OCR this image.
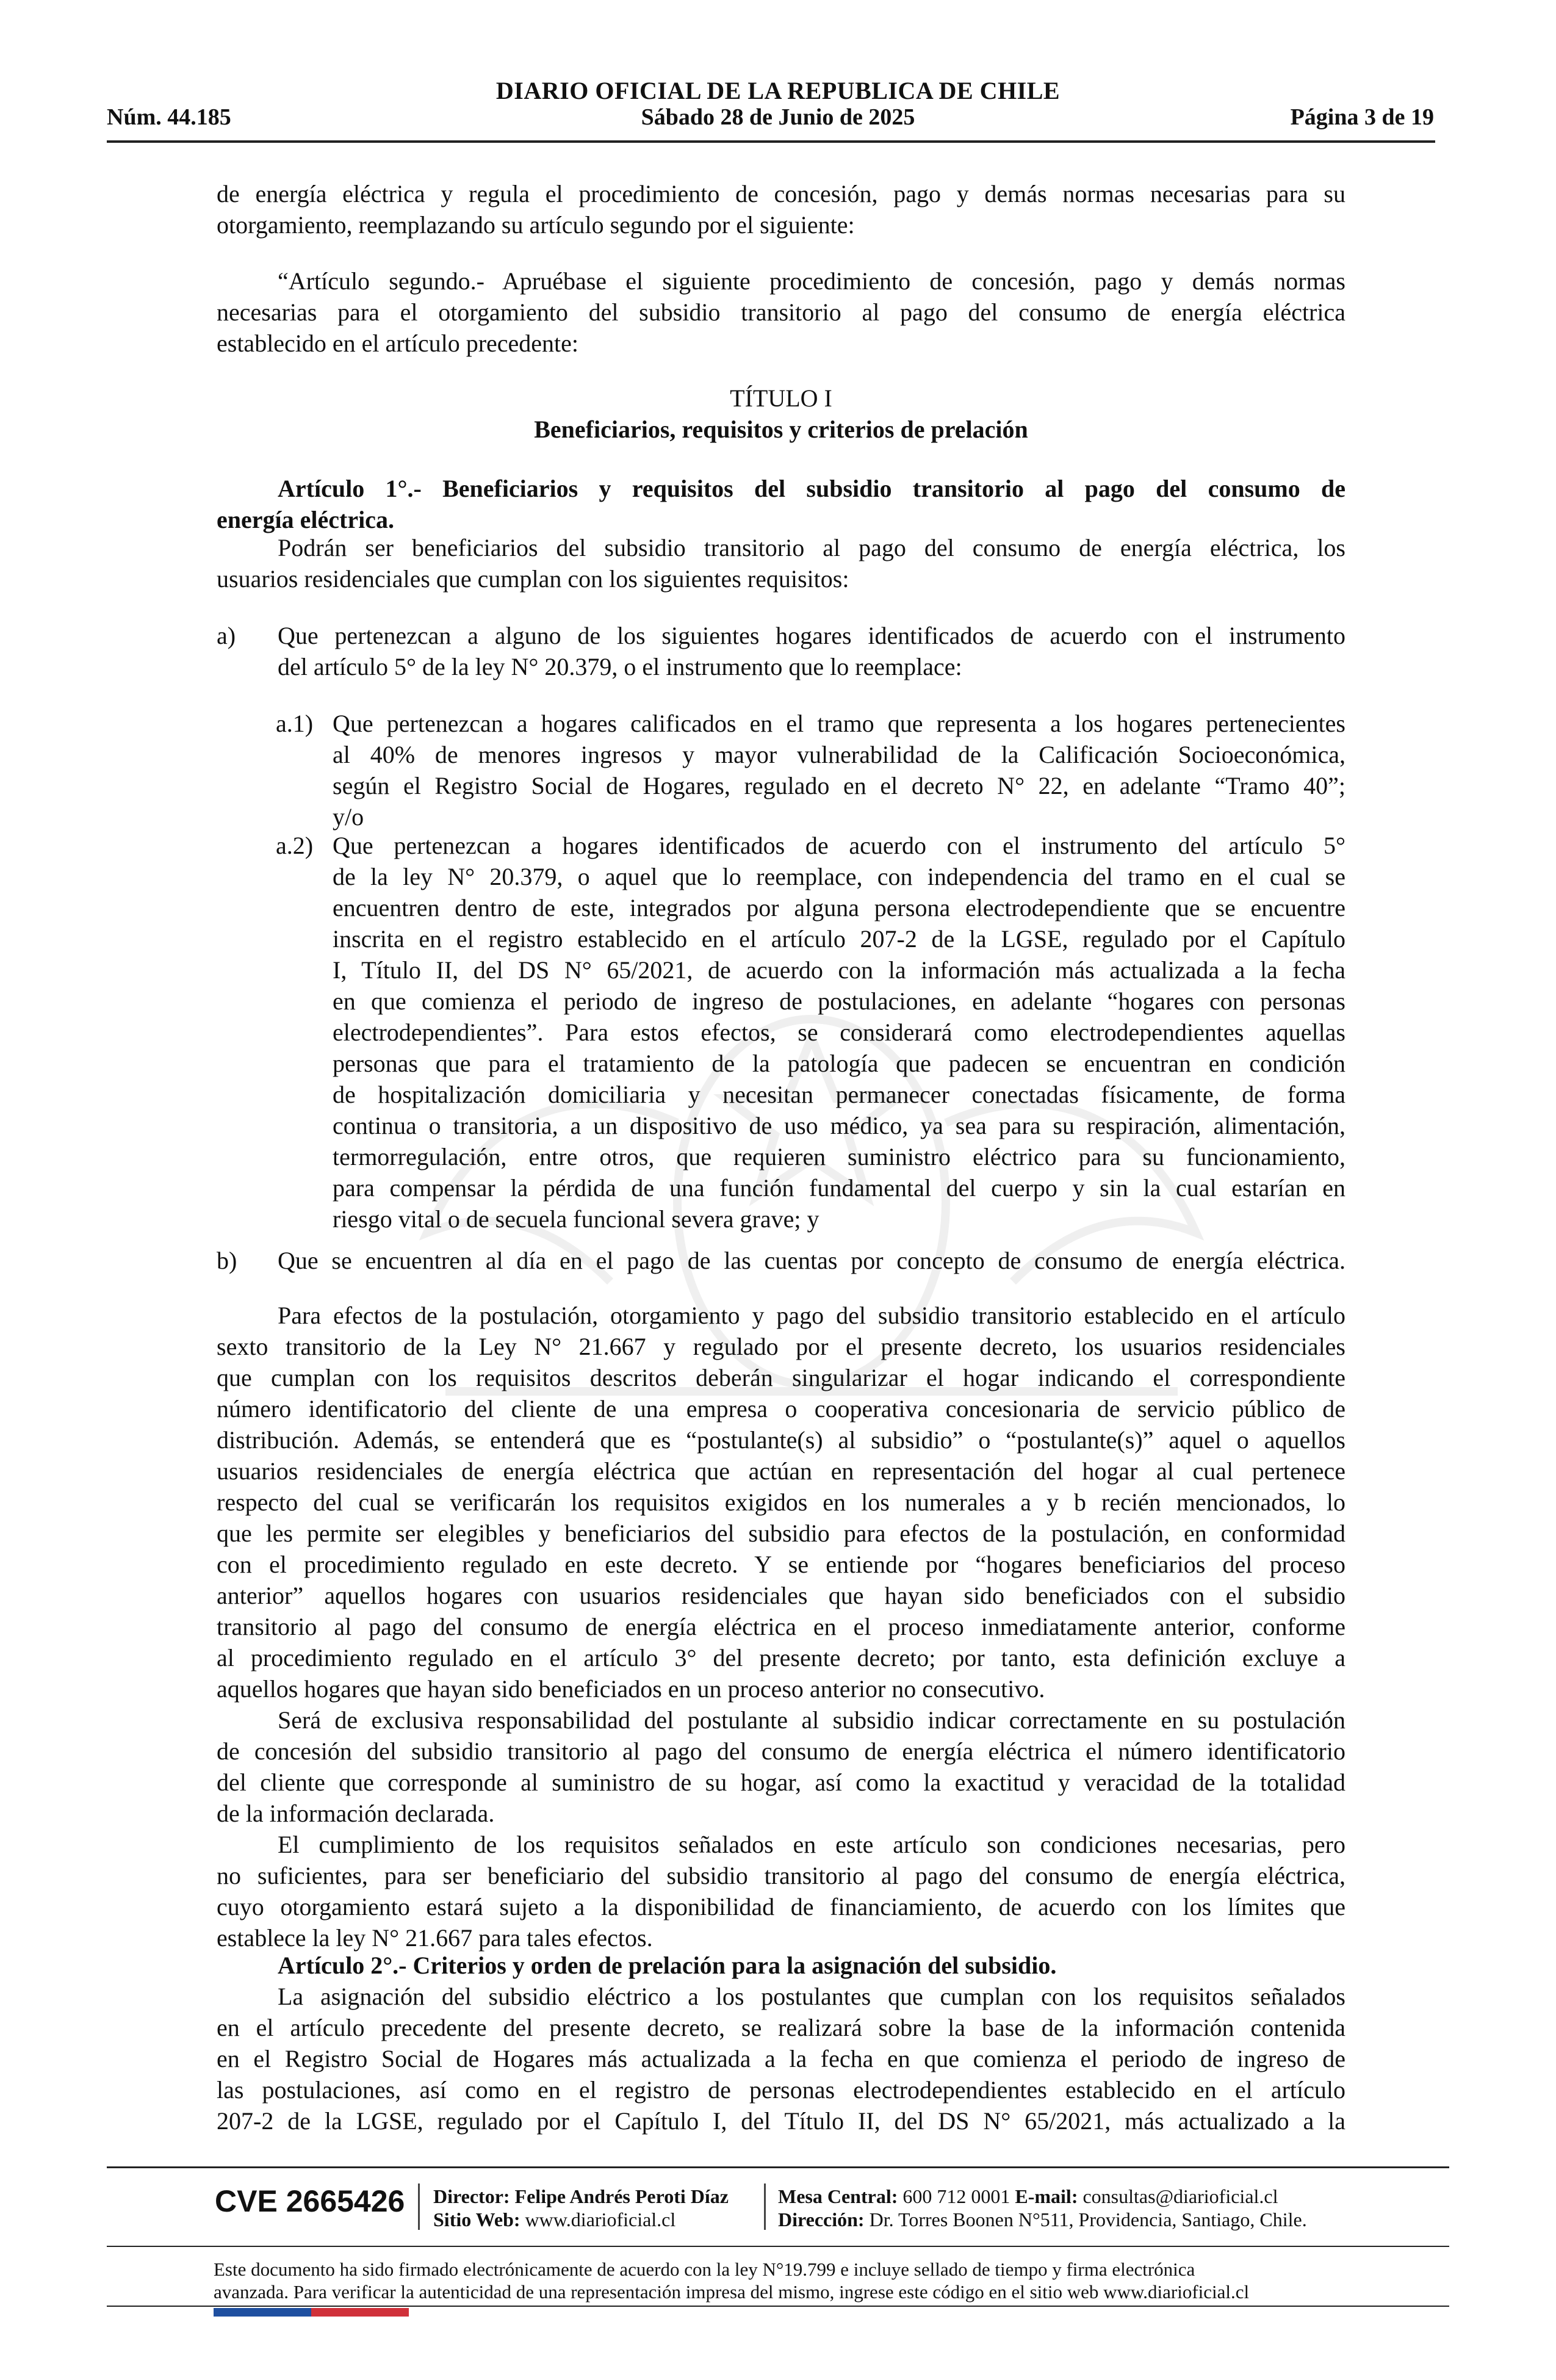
DIARIO OFICIAL DE LA REPUBLICA DE CHILE
Núm. 44.185	Sábado 28 de Junio de 2025	Página 3 de 19
de energía eléctrica y regula el procedimiento de concesión, pago y demás normas necesarias para su
otorgamiento, reemplazando su artículo segundo por el siguiente:
“Artículo segundo.- Apruébase el siguiente procedimiento de concesión, pago y demás normas
necesarias para el otorgamiento del subsidio transitorio al pago del consumo de energía eléctrica
establecido en el artículo precedente:
TÍTULO I
Beneficiarios, requisitos y criterios de prelación
Artículo 1°.- Beneficiarios y requisitos del subsidio transitorio al pago del consumo de
energía eléctrica.
Podrán ser beneficiarios del subsidio transitorio al pago del consumo de energía eléctrica, los
usuarios residenciales que cumplan con los siguientes requisitos:
a) Que pertenezcan a alguno de los siguientes hogares identificados de acuerdo con el instrumento
del artículo 5° de la ley N° 20.379, o el instrumento que lo reemplace:
a.1) Que pertenezcan a hogares calificados en el tramo que representa a los hogares pertenecientes
al 40% de menores ingresos y mayor vulnerabilidad de la Calificación Socioeconómica,
según el Registro Social de Hogares, regulado en el decreto N° 22, en adelante “Tramo 40”;
y/o
a.2) Que pertenezcan a hogares identificados de acuerdo con el instrumento del artículo 5°
de la ley N° 20.379, o aquel que lo reemplace, con independencia del tramo en el cual se
encuentren dentro de este, integrados por alguna persona electrodependiente que se encuentre
inscrita en el registro establecido en el artículo 207-2 de la LGSE, regulado por el Capítulo
I, Título II, del DS N° 65/2021, de acuerdo con la información más actualizada a la fecha
en que comienza el periodo de ingreso de postulaciones, en adelante “hogares con personas
electrodependientes”. Para estos efectos, se considerará como electrodependientes aquellas
personas que para el tratamiento de la patología que padecen se encuentran en condición
de hospitalización domiciliaria y necesitan permanecer conectadas físicamente, de forma
continua o transitoria, a un dispositivo de uso médico, ya sea para su respiración, alimentación,
termorregulación, entre otros, que requieren suministro eléctrico para su funcionamiento,
para compensar la pérdida de una función fundamental del cuerpo y sin la cual estarían en
riesgo vital o de secuela funcional severa grave; y
b) Que se encuentren al día en el pago de las cuentas por concepto de consumo de energía eléctrica.
Para efectos de la postulación, otorgamiento y pago del subsidio transitorio establecido en el artículo
sexto transitorio de la Ley N° 21.667 y regulado por el presente decreto, los usuarios residenciales
que cumplan con los requisitos descritos deberán singularizar el hogar indicando el correspondiente
número identificatorio del cliente de una empresa o cooperativa concesionaria de servicio público de
distribución. Además, se entenderá que es “postulante(s) al subsidio” o “postulante(s)” aquel o aquellos
usuarios residenciales de energía eléctrica que actúan en representación del hogar al cual pertenece
respecto del cual se verificarán los requisitos exigidos en los numerales a y b recién mencionados, lo
que les permite ser elegibles y beneficiarios del subsidio para efectos de la postulación, en conformidad
con el procedimiento regulado en este decreto. Y se entiende por “hogares beneficiarios del proceso
anterior” aquellos hogares con usuarios residenciales que hayan sido beneficiados con el subsidio
transitorio al pago del consumo de energía eléctrica en el proceso inmediatamente anterior, conforme
al procedimiento regulado en el artículo 3° del presente decreto; por tanto, esta definición excluye a
aquellos hogares que hayan sido beneficiados en un proceso anterior no consecutivo.
Será de exclusiva responsabilidad del postulante al subsidio indicar correctamente en su postulación
de concesión del subsidio transitorio al pago del consumo de energía eléctrica el número identificatorio
del cliente que corresponde al suministro de su hogar, así como la exactitud y veracidad de la totalidad
de la información declarada.
El cumplimiento de los requisitos señalados en este artículo son condiciones necesarias, pero
no suficientes, para ser beneficiario del subsidio transitorio al pago del consumo de energía eléctrica,
cuyo otorgamiento estará sujeto a la disponibilidad de financiamiento, de acuerdo con los límites que
establece la ley N° 21.667 para tales efectos.
Artículo 2°.- Criterios y orden de prelación para la asignación del subsidio.
La asignación del subsidio eléctrico a los postulantes que cumplan con los requisitos señalados
en el artículo precedente del presente decreto, se realizará sobre la base de la información contenida
en el Registro Social de Hogares más actualizada a la fecha en que comienza el periodo de ingreso de
las postulaciones, así como en el registro de personas electrodependientes establecido en el artículo
207-2 de la LGSE, regulado por el Capítulo I, del Título II, del DS N° 65/2021, más actualizado a la
CVE 2665426 Director: Felipe Andrés Peroti Díaz
Sitio Web: www.diarioficial.cl
Mesa Central: 600 712 0001 E-mail: consultas@diarioficial.cl
Dirección: Dr. Torres Boonen N°511, Providencia, Santiago, Chile.
Este documento ha sido firmado electrónicamente de acuerdo con la ley N°19.799 e incluye sellado de tiempo y firma electrónica
avanzada. Para verificar la autenticidad de una representación impresa del mismo, ingrese este código en el sitio web www.diarioficial.cl
